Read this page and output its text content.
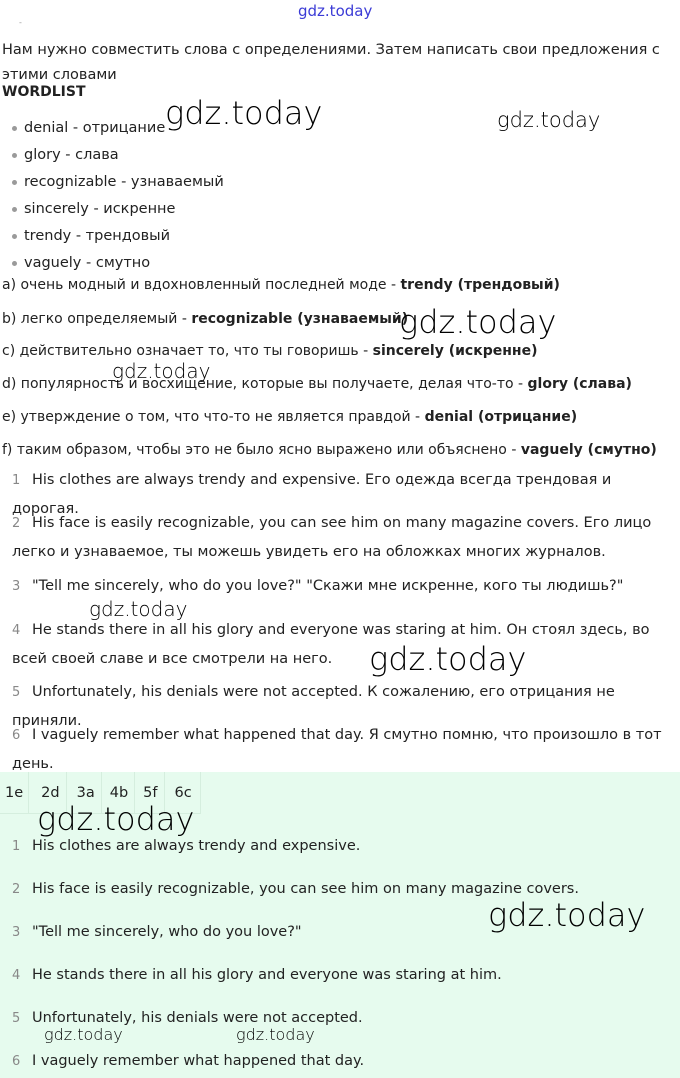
gdz.today
-
Нам нужно совместить слова с определениями. Затем написать свои предложения с этими словами
WORDLIST
denial - отрицание
glory - слава
recognizable - узнаваемый
sincerely - искренне
trendy - трендовый
vaguely - смутно
a) очень модный и вдохновленный последней моде - trendy (трендовый)
b) легко определяемый - recognizable (узнаваемый)
c) действительно означает то, что ты говоришь - sincerely (искренне)
d) популярность и восхищение, которые вы получаете, делая что-то - glory (слава)
e) утверждение о том, что что-то не является правдой - denial (отрицание)
f) таким образом, чтобы это не было ясно выражено или объяснено - vaguely (смутно)
1 His clothes are always trendy and expensive. Его одежда всегда трендовая и дорогая.
2 His face is easily recognizable, you can see him on many magazine covers. Его лицо легко и узнаваемое, ты можешь увидеть его на обложках многих журналов.
3 "Tell me sincerely, who do you love?" "Скажи мне искренне, кого ты людишь?"
4 He stands there in all his glory and everyone was staring at him. Он стоял здесь, во всей своей славе и все смотрели на него.
5 Unfortunately, his denials were not accepted. К сожалению, его отрицания не приняли.
6 I vaguely remember what happened that day. Я смутно помню, что произошло в тот день.
1e	2d	3a	4b	5f	6c
1 His clothes are always trendy and expensive.
2 His face is easily recognizable, you can see him on many magazine covers.
3 "Tell me sincerely, who do you love?"
4 He stands there in all his glory and everyone was staring at him.
5 Unfortunately, his denials were not accepted.
6 I vaguely remember what happened that day.
gdz.today	gdz.today
gdz.today
gdz.today
gdz.today
gdz.today
gdz.today
gdz.today
gdz.today	gdz.today
